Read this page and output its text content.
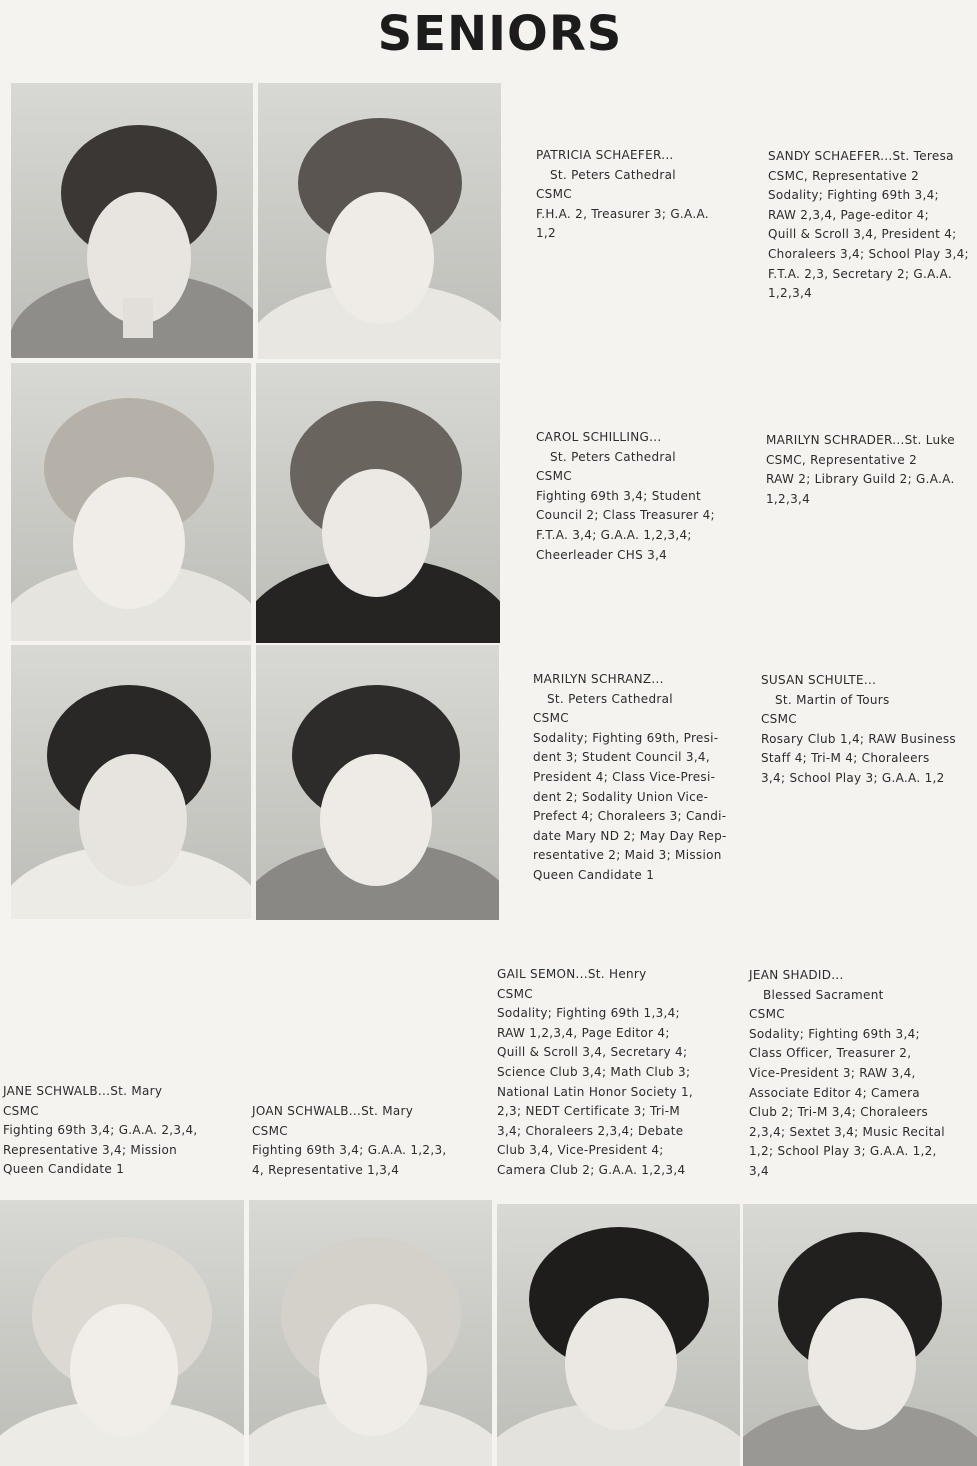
SENIORS
PATRICIA SCHAEFER...
St. Peters Cathedral
CSMC
F.H.A. 2, Treasurer 3; G.A.A.
1,2
SANDY SCHAEFER...St. Teresa
CSMC, Representative 2
Sodality; Fighting 69th 3,4;
RAW 2,3,4, Page-editor 4;
Quill & Scroll 3,4, President 4;
Choraleers 3,4; School Play 3,4;
F.T.A. 2,3, Secretary 2; G.A.A.
1,2,3,4
CAROL SCHILLING...
St. Peters Cathedral
CSMC
Fighting 69th 3,4; Student
Council 2; Class Treasurer 4;
F.T.A. 3,4; G.A.A. 1,2,3,4;
Cheerleader CHS 3,4
MARILYN SCHRADER...St. Luke
CSMC, Representative 2
RAW 2; Library Guild 2; G.A.A.
1,2,3,4
MARILYN SCHRANZ...
St. Peters Cathedral
CSMC
Sodality; Fighting 69th, Presi-
dent 3; Student Council 3,4,
President 4; Class Vice-Presi-
dent 2; Sodality Union Vice-
Prefect 4; Choraleers 3; Candi-
date Mary ND 2; May Day Rep-
resentative 2; Maid 3; Mission
Queen Candidate 1
SUSAN SCHULTE...
St. Martin of Tours
CSMC
Rosary Club 1,4; RAW Business
Staff 4; Tri-M 4; Choraleers
3,4; School Play 3; G.A.A. 1,2
GAIL SEMON...St. Henry
CSMC
Sodality; Fighting 69th 1,3,4;
RAW 1,2,3,4, Page Editor 4;
Quill & Scroll 3,4, Secretary 4;
Science Club 3,4; Math Club 3;
National Latin Honor Society 1,
2,3; NEDT Certificate 3; Tri-M
3,4; Choraleers 2,3,4; Debate
Club 3,4, Vice-President 4;
Camera Club 2; G.A.A. 1,2,3,4
JEAN SHADID...
Blessed Sacrament
CSMC
Sodality; Fighting 69th 3,4;
Class Officer, Treasurer 2,
Vice-President 3; RAW 3,4,
Associate Editor 4; Camera
Club 2; Tri-M 3,4; Choraleers
2,3,4; Sextet 3,4; Music Recital
1,2; School Play 3; G.A.A. 1,2,
3,4
JANE SCHWALB...St. Mary
CSMC
Fighting 69th 3,4; G.A.A. 2,3,4,
Representative 3,4; Mission
Queen Candidate 1
JOAN SCHWALB...St. Mary
CSMC
Fighting 69th 3,4; G.A.A. 1,2,3,
4, Representative 1,3,4
